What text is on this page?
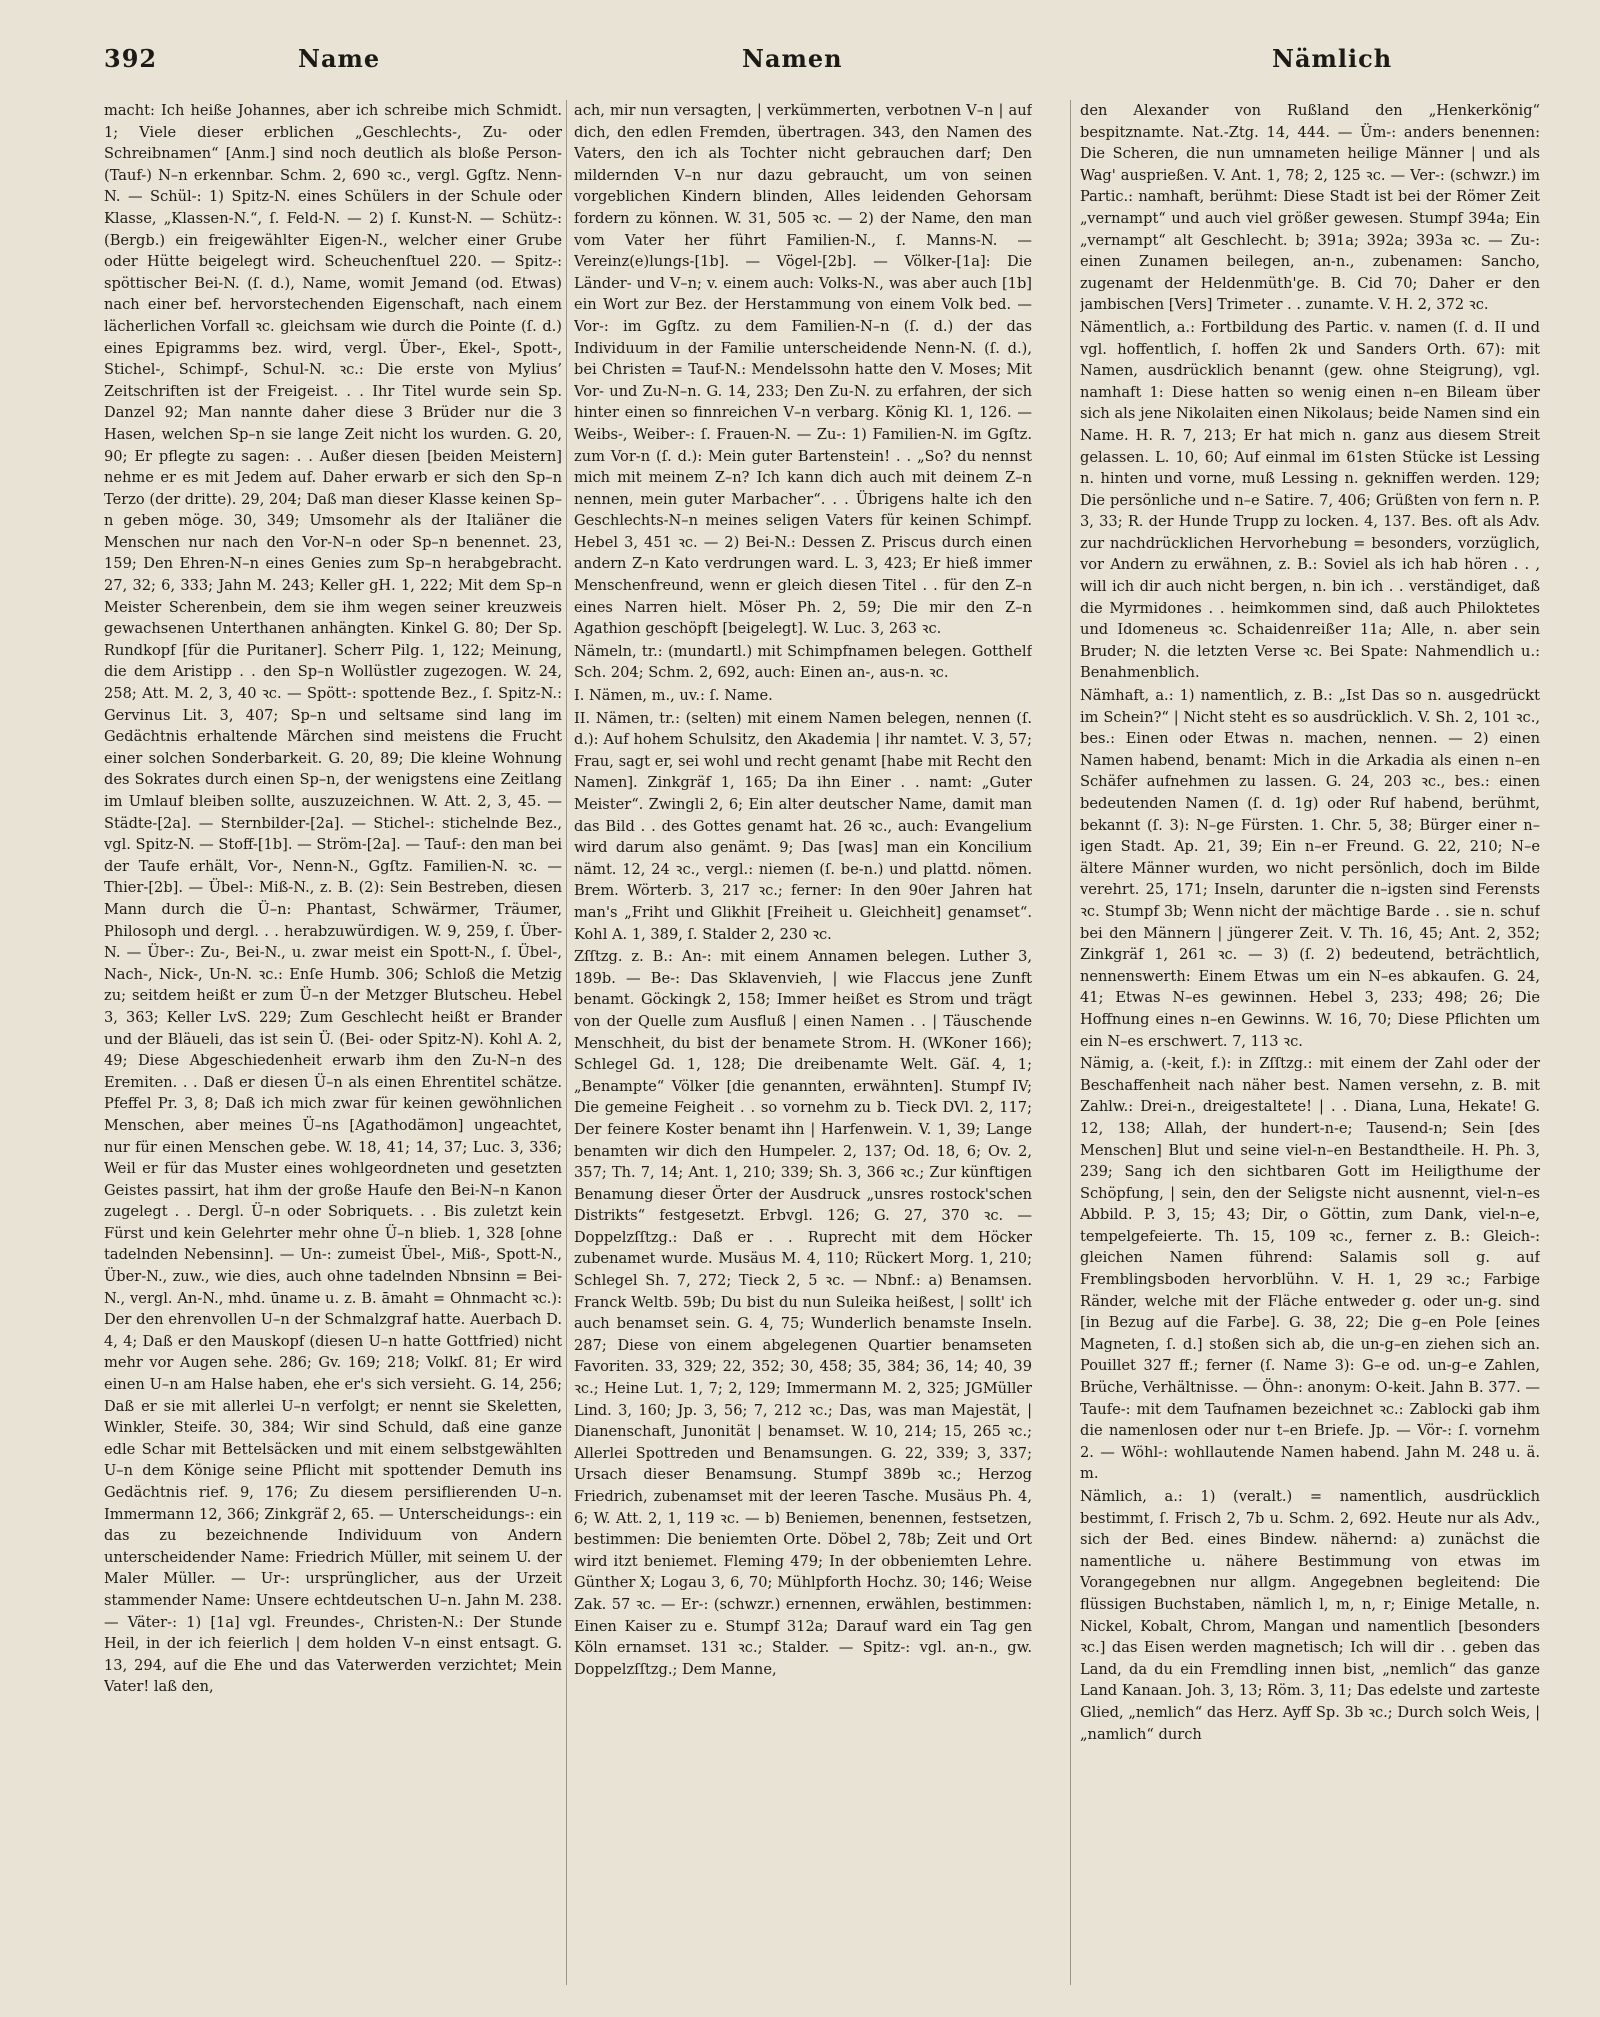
392	Name	Namen	Nämlich

macht: Ich heiße Johannes, aber ich schreibe mich Schmidt. 1; Viele dieser erblichen „Geschlechts-, Zu- oder Schreibnamen“ [Anm.] sind noch deutlich als bloße Person- (Tauf-) N–n erkennbar. Schm. 2, 690 ꝛc., vergl. Ggſtz. Nenn-N. — Schül-: 1) Spitz-N. eines Schülers in der Schule oder Klasse, „Klassen-N.“, ſ. Feld-N. — 2) ſ. Kunst-N. — Schütz-: (Bergb.) ein freigewählter Eigen-N., welcher einer Grube oder Hütte beigelegt wird. Scheuchenſtuel 220. — Spitz-: spöttischer Bei-N. (ſ. d.), Name, womit Jemand (od. Etwas) nach einer bef. hervorstechenden Eigenschaft, nach einem lächerlichen Vorfall ꝛc. gleichsam wie durch die Pointe (ſ. d.) eines Epigramms bez. wird, vergl. Über-, Ekel-, Spott-, Stichel-, Schimpf-, Schul-N. ꝛc.: Die erste von Mylius’ Zeitschriften ist der Freigeist. . . Ihr Titel wurde sein Sp. Danzel 92; Man nannte daher diese 3 Brüder nur die 3 Hasen, welchen Sp–n sie lange Zeit nicht los wurden. G. 20, 90; Er pflegte zu sagen: . . Außer diesen [beiden Meistern] nehme er es mit Jedem auf. Daher erwarb er sich den Sp–n Terzo (der dritte). 29, 204; Daß man dieser Klasse keinen Sp–n geben möge. 30, 349; Umsomehr als der Italiäner die Menschen nur nach den Vor-N–n oder Sp–n benennet. 23, 159; Den Ehren-N–n eines Genies zum Sp–n herabgebracht. 27, 32; 6, 333; Jahn M. 243; Keller gH. 1, 222; Mit dem Sp–n Meister Scherenbein, dem sie ihm wegen seiner kreuzweis gewachsenen Unterthanen anhängten. Kinkel G. 80; Der Sp. Rundkopf [für die Puritaner]. Scherr Pilg. 1, 122; Meinung, die dem Aristipp . . den Sp–n Wollüstler zugezogen. W. 24, 258; Att. M. 2, 3, 40 ꝛc. — Spött-: spottende Bez., ſ. Spitz-N.: Gervinus Lit. 3, 407; Sp–n und seltsame sind lang im Gedächtnis erhaltende Märchen sind meistens die Frucht einer solchen Sonderbarkeit. G. 20, 89; Die kleine Wohnung des Sokrates durch einen Sp–n, der wenigstens eine Zeitlang im Umlauf bleiben sollte, auszuzeichnen. W. Att. 2, 3, 45. — Städte-[2a]. — Sternbilder-[2a]. — Stichel-: stichelnde Bez., vgl. Spitz-N. — Stoff-[1b]. — Ström-[2a]. — Tauf-: den man bei der Taufe erhält, Vor-, Nenn-N., Ggſtz. Familien-N. ꝛc. — Thier-[2b]. — Übel-: Miß-N., z. B. (2): Sein Bestreben, diesen Mann durch die Ü–n: Phantast, Schwärmer, Träumer, Philosoph und dergl. . . herabzuwürdigen. W. 9, 259, ſ. Über-N. — Über-: Zu-, Bei-N., u. zwar meist ein Spott-N., ſ. Übel-, Nach-, Nick-, Un-N. ꝛc.: Enſe Humb. 306; Schloß die Metzig zu; seitdem heißt er zum Ü–n der Metzger Blutscheu. Hebel 3, 363; Keller LvS. 229; Zum Geschlecht heißt er Brander und der Bläueli, das ist sein Ü. (Bei- oder Spitz-N). Kohl A. 2, 49; Diese Abgeschiedenheit erwarb ihm den Zu-N–n des Eremiten. . . Daß er diesen Ü–n als einen Ehrentitel schätze. Pfeffel Pr. 3, 8; Daß ich mich zwar für keinen gewöhnlichen Menschen, aber meines Ü–ns [Agathodämon] ungeachtet, nur für einen Menschen gebe. W. 18, 41; 14, 37; Luc. 3, 336; Weil er für das Muster eines wohlgeordneten und gesetzten Geistes passirt, hat ihm der große Haufe den Bei-N–n Kanon zugelegt . . Dergl. Ü–n oder Sobriquets. . . Bis zuletzt kein Fürst und kein Gelehrter mehr ohne Ü–n blieb. 1, 328 [ohne tadelnden Nebensinn]. — Un-: zumeist Übel-, Miß-, Spott-N., Über-N., zuw., wie dies, auch ohne tadelnden Nbnsinn = Bei-N., vergl. An-N., mhd. ūname u. z. B. āmaht = Ohnmacht ꝛc.): Der den ehrenvollen U–n der Schmalzgraf hatte. Auerbach D. 4, 4; Daß er den Mauskopf (diesen U–n hatte Gottfried) nicht mehr vor Augen sehe. 286; Gv. 169; 218; Volkſ. 81; Er wird einen U–n am Halse haben, ehe er's sich versieht. G. 14, 256; Daß er sie mit allerlei U–n verfolgt; er nennt sie Skeletten, Winkler, Steife. 30, 384; Wir sind Schuld, daß eine ganze edle Schar mit Bettelsäcken und mit einem selbstgewählten U–n dem Könige seine Pflicht mit spottender Demuth ins Gedächtnis rief. 9, 176; Zu diesem persiflierenden U–n. Immermann 12, 366; Zinkgräf 2, 65. — Unterscheidungs-: ein das zu bezeichnende Individuum von Andern unterscheidender Name: Friedrich Müller, mit seinem U. der Maler Müller. — Ur-: ursprünglicher, aus der Urzeit stammender Name: Unsere echtdeutschen U–n. Jahn M. 238. — Väter-: 1) [1a] vgl. Freundes-, Christen-N.: Der Stunde Heil, in der ich feierlich | dem holden V–n einst entsagt. G. 13, 294, auf die Ehe und das Vaterwerden verzichtet; Mein Vater! laß den,

ach, mir nun versagten, | verkümmerten, verbotnen V–n | auf dich, den edlen Fremden, übertragen. 343, den Namen des Vaters, den ich als Tochter nicht gebrauchen darf; Den mildernden V–n nur dazu gebraucht, um von seinen vorgeblichen Kindern blinden, Alles leidenden Gehorsam fordern zu können. W. 31, 505 ꝛc. — 2) der Name, den man vom Vater her führt Familien-N., ſ. Manns-N. — Vereinz(e)lungs-[1b]. — Vögel-[2b]. — Völker-[1a]: Die Länder- und V–n; v. einem auch: Volks-N., was aber auch [1b] ein Wort zur Bez. der Herstammung von einem Volk bed. — Vor-: im Ggſtz. zu dem Familien-N–n (ſ. d.) der das Individuum in der Familie unterscheidende Nenn-N. (ſ. d.), bei Christen = Tauf-N.: Mendelssohn hatte den V. Moses; Mit Vor- und Zu-N–n. G. 14, 233; Den Zu-N. zu erfahren, der sich hinter einen so finnreichen V–n verbarg. König Kl. 1, 126. — Weibs-, Weiber-: ſ. Frauen-N. — Zu-: 1) Familien-N. im Ggſtz. zum Vor-n (ſ. d.): Mein guter Bartenstein! . . „So? du nennst mich mit meinem Z–n? Ich kann dich auch mit deinem Z–n nennen, mein guter Marbacher“. . . Übrigens halte ich den Geschlechts-N–n meines seligen Vaters für keinen Schimpf. Hebel 3, 451 ꝛc. — 2) Bei-N.: Dessen Z. Priscus durch einen andern Z–n Kato verdrungen ward. L. 3, 423; Er hieß immer Menschenfreund, wenn er gleich diesen Titel . . für den Z–n eines Narren hielt. Möser Ph. 2, 59; Die mir den Z–n Agathion geschöpft [beigelegt]. W. Luc. 3, 263 ꝛc.

Nämeln, tr.: (mundartl.) mit Schimpfnamen belegen. Gotthelf Sch. 204; Schm. 2, 692, auch: Einen an-, aus-n. ꝛc.

I. Nämen, m., uv.: ſ. Name.

II. Nämen, tr.: (selten) mit einem Namen belegen, nennen (ſ. d.): Auf hohem Schulsitz, den Akademia | ihr namtet. V. 3, 57; Frau, sagt er, sei wohl und recht genamt [habe mit Recht den Namen]. Zinkgräf 1, 165; Da ihn Einer . . namt: „Guter Meister“. Zwingli 2, 6; Ein alter deutscher Name, damit man das Bild . . des Gottes genamt hat. 26 ꝛc., auch: Evangelium wird darum also genämt. 9; Das [was] man ein Koncilium nämt. 12, 24 ꝛc., vergl.: niemen (ſ. be-n.) und plattd. nömen. Brem. Wörterb. 3, 217 ꝛc.; ferner: In den 90er Jahren hat man's „Friht und Glikhit [Freiheit u. Gleichheit] genamset“. Kohl A. 1, 389, ſ. Stalder 2, 230 ꝛc.

Zſſtzg. z. B.: An-: mit einem Annamen belegen. Luther 3, 189b. — Be-: Das Sklavenvieh, | wie Flaccus jene Zunft benamt. Göckingk 2, 158; Immer heißet es Strom und trägt von der Quelle zum Ausfluß | einen Namen . . | Täuschende Menschheit, du bist der benamete Strom. H. (WKoner 166); Schlegel Gd. 1, 128; Die dreibenamte Welt. Gäſ. 4, 1; „Benampte“ Völker [die genannten, erwähnten]. Stumpf IV; Die gemeine Feigheit . . so vornehm zu b. Tieck DVl. 2, 117; Der feinere Koster benamt ihn | Harfenwein. V. 1, 39; Lange benamten wir dich den Humpeler. 2, 137; Od. 18, 6; Ov. 2, 357; Th. 7, 14; Ant. 1, 210; 339; Sh. 3, 366 ꝛc.; Zur künftigen Benamung dieser Örter der Ausdruck „unsres rostock'schen Distrikts“ festgesetzt. Erbvgl. 126; G. 27, 370 ꝛc. — Doppelzſſtzg.: Daß er . . Ruprecht mit dem Höcker zubenamet wurde. Musäus M. 4, 110; Rückert Morg. 1, 210; Schlegel Sh. 7, 272; Tieck 2, 5 ꝛc. — Nbnf.: a) Benamsen. Franck Weltb. 59b; Du bist du nun Suleika heißest, | sollt' ich auch benamset sein. G. 4, 75; Wunderlich benamste Inseln. 287; Diese von einem abgelegenen Quartier benamseten Favoriten. 33, 329; 22, 352; 30, 458; 35, 384; 36, 14; 40, 39 ꝛc.; Heine Lut. 1, 7; 2, 129; Immermann M. 2, 325; JGMüller Lind. 3, 160; Jp. 3, 56; 7, 212 ꝛc.; Das, was man Majestät, | Dianenschaft, Junonität | benamset. W. 10, 214; 15, 265 ꝛc.; Allerlei Spottreden und Benamsungen. G. 22, 339; 3, 337; Ursach dieser Benamsung. Stumpf 389b ꝛc.; Herzog Friedrich, zubenamset mit der leeren Tasche. Musäus Ph. 4, 6; W. Att. 2, 1, 119 ꝛc. — b) Beniemen, benennen, festsetzen, bestimmen: Die beniemten Orte. Döbel 2, 78b; Zeit und Ort wird itzt beniemet. Fleming 479; In der obbeniemten Lehre. Günther X; Logau 3, 6, 70; Mühlpforth Hochz. 30; 146; Weise Zak. 57 ꝛc. — Er-: (schwzr.) ernennen, erwählen, bestimmen: Einen Kaiser zu e. Stumpf 312a; Darauf ward ein Tag gen Köln ernamset. 131 ꝛc.; Stalder. — Spitz-: vgl. an-n., gw. Doppelzſſtzg.; Dem Manne,

den Alexander von Rußland den „Henkerkönig“ bespitznamte. Nat.-Ztg. 14, 444. — Üm-: anders benennen: Die Scheren, die nun umnameten heilige Männer | und als Wag' ausprießen. V. Ant. 1, 78; 2, 125 ꝛc. — Ver-: (schwzr.) im Partic.: namhaft, berühmt: Diese Stadt ist bei der Römer Zeit „vernampt“ und auch viel größer gewesen. Stumpf 394a; Ein „vernampt“ alt Geschlecht. b; 391a; 392a; 393a ꝛc. — Zu-: einen Zunamen beilegen, an-n., zubenamen: Sancho, zugenamt der Heldenmüth'ge. B. Cid 70; Daher er den jambischen [Vers] Trimeter . . zunamte. V. H. 2, 372 ꝛc.

Nämentlich, a.: Fortbildung des Partic. v. namen (ſ. d. II und vgl. hoffentlich, ſ. hoffen 2k und Sanders Orth. 67): mit Namen, ausdrücklich benannt (gew. ohne Steigrung), vgl. namhaft 1: Diese hatten so wenig einen n–en Bileam über sich als jene Nikolaiten einen Nikolaus; beide Namen sind ein Name. H. R. 7, 213; Er hat mich n. ganz aus diesem Streit gelassen. L. 10, 60; Auf einmal im 61sten Stücke ist Lessing n. hinten und vorne, muß Lessing n. gekniffen werden. 129; Die persönliche und n–e Satire. 7, 406; Grüßten von fern n. P. 3, 33; R. der Hunde Trupp zu locken. 4, 137. Bes. oft als Adv. zur nachdrücklichen Hervorhebung = besonders, vorzüglich, vor Andern zu erwähnen, z. B.: Soviel als ich hab hören . . , will ich dir auch nicht bergen, n. bin ich . . verständiget, daß die Myrmidones . . heimkommen sind, daß auch Philoktetes und Idomeneus ꝛc. Schaidenreißer 11a; Alle, n. aber sein Bruder; N. die letzten Verse ꝛc. Bei Spate: Nahmendlich u.: Benahmenblich.

Nämhaft, a.: 1) namentlich, z. B.: „Ist Das so n. ausgedrückt im Schein?“ | Nicht steht es so ausdrücklich. V. Sh. 2, 101 ꝛc., bes.: Einen oder Etwas n. machen, nennen. — 2) einen Namen habend, benamt: Mich in die Arkadia als einen n–en Schäfer aufnehmen zu lassen. G. 24, 203 ꝛc., bes.: einen bedeutenden Namen (ſ. d. 1g) oder Ruf habend, berühmt, bekannt (ſ. 3): N–ge Fürsten. 1. Chr. 5, 38; Bürger einer n–igen Stadt. Ap. 21, 39; Ein n–er Freund. G. 22, 210; N–e ältere Männer wurden, wo nicht persönlich, doch im Bilde verehrt. 25, 171; Inseln, darunter die n–igsten sind Ferensts ꝛc. Stumpf 3b; Wenn nicht der mächtige Barde . . sie n. schuf bei den Männern | jüngerer Zeit. V. Th. 16, 45; Ant. 2, 352; Zinkgräf 1, 261 ꝛc. — 3) (ſ. 2) bedeutend, beträchtlich, nennenswerth: Einem Etwas um ein N–es abkaufen. G. 24, 41; Etwas N–es gewinnen. Hebel 3, 233; 498; 26; Die Hoffnung eines n–en Gewinns. W. 16, 70; Diese Pflichten um ein N–es erschwert. 7, 113 ꝛc.

Nämig, a. (-keit, f.): in Zſſtzg.: mit einem der Zahl oder der Beschaffenheit nach näher best. Namen versehn, z. B. mit Zahlw.: Drei-n., dreigestaltete! | . . Diana, Luna, Hekate! G. 12, 138; Allah, der hundert-n-e; Tausend-n; Sein [des Menschen] Blut und seine viel-n–en Bestandtheile. H. Ph. 3, 239; Sang ich den sichtbaren Gott im Heiligthume der Schöpfung, | sein, den der Seligste nicht ausnennt, viel-n–es Abbild. P. 3, 15; 43; Dir, o Göttin, zum Dank, viel-n–e, tempelgefeierte. Th. 15, 109 ꝛc., ferner z. B.: Gleich-: gleichen Namen führend: Salamis soll g. auf Fremblingsboden hervorblühn. V. H. 1, 29 ꝛc.; Farbige Ränder, welche mit der Fläche entweder g. oder un-g. sind [in Bezug auf die Farbe]. G. 38, 22; Die g–en Pole [eines Magneten, ſ. d.] stoßen sich ab, die un-g–en ziehen sich an. Pouillet 327 ff.; ferner (ſ. Name 3): G–e od. un-g–e Zahlen, Brüche, Verhältnisse. — Öhn-: anonym: O-keit. Jahn B. 377. — Taufe-: mit dem Taufnamen bezeichnet ꝛc.: Zablocki gab ihm die namenlosen oder nur t–en Briefe. Jp. — Vör-: ſ. vornehm 2. — Wöhl-: wohllautende Namen habend. Jahn M. 248 u. ä. m.

Nämlich, a.: 1) (veralt.) = namentlich, ausdrücklich bestimmt, ſ. Frisch 2, 7b u. Schm. 2, 692. Heute nur als Adv., sich der Bed. eines Bindew. nähernd: a) zunächst die namentliche u. nähere Bestimmung von etwas im Vorangegebnen nur allgm. Angegebnen begleitend: Die flüssigen Buchstaben, nämlich l, m, n, r; Einige Metalle, n. Nickel, Kobalt, Chrom, Mangan und namentlich [besonders ꝛc.] das Eisen werden magnetisch; Ich will dir . . geben das Land, da du ein Fremdling innen bist, „nemlich“ das ganze Land Kanaan. Joh. 3, 13; Röm. 3, 11; Das edelste und zarteste Glied, „nemlich“ das Herz. Ayff Sp. 3b ꝛc.; Durch solch Weis, | „namlich“ durch
